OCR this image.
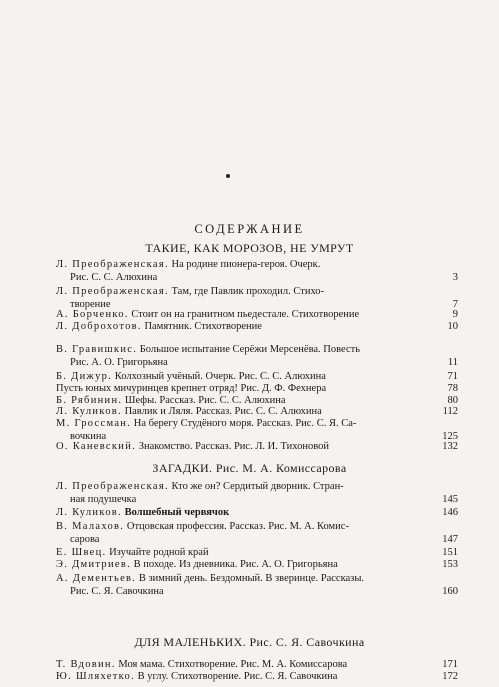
СОДЕРЖАНИЕ
ТАКИЕ, КАК МОРОЗОВ, НЕ УМРУТ
ЗАГАДКИ. Рис. М. А. Комиссарова
ДЛЯ МАЛЕНЬКИХ. Рис. С. Я. Савочкина
Л. Преображенская. На родине пионера-героя. Очерк.
Рис. С. С. Алюхина	3
Л. Преображенская. Там, где Павлик проходил. Стихо-
творение	7
А. Борченко. Стоит он на гранитном пьедестале. Стихотворение	9
Л. Доброхотов. Памятник. Стихотворение	10
В. Гравишкис. Большое испытание Серёжи Мерсенёва. Повесть
Рис. А. О. Григорьяна	11
Б. Дижур. Колхозный учёный. Очерк. Рис. С. С. Алюхина	71
Пусть юных мичуринцев крепнет отряд! Рис. Д. Ф. Фехнера	78
Б. Рябинин. Шефы. Рассказ. Рис. С. С. Алюхина	80
Л. Куликов. Павлик и Ляля. Рассказ. Рис. С. С. Алюхина	112
М. Гроссман. На берегу Студёного моря. Рассказ. Рис. С. Я. Са-
вочкина	125
О. Каневский. Знакомство. Рассказ. Рис. Л. И. Тихоновой	132
Л. Преображенская. Кто же он? Сердитый дворник. Стран-
ная подушечка	145
Л. Куликов. Волшебный червячок	146
В. Малахов. Отцовская профессия. Рассказ. Рис. М. А. Комис-
сарова	147
Е. Швец. Изучайте родной край	151
Э. Дмитриев. В походе. Из дневника. Рис. А. О. Григорьяна	153
А. Дементьев. В зимний день. Бездомный. В зверинце. Рассказы.
Рис. С. Я. Савочкина	160
Т. Вдовин. Моя мама. Стихотворение. Рис. М. А. Комиссарова	171
Ю. Шляхетко. В углу. Стихотворение. Рис. С. Я. Савочкина	172
